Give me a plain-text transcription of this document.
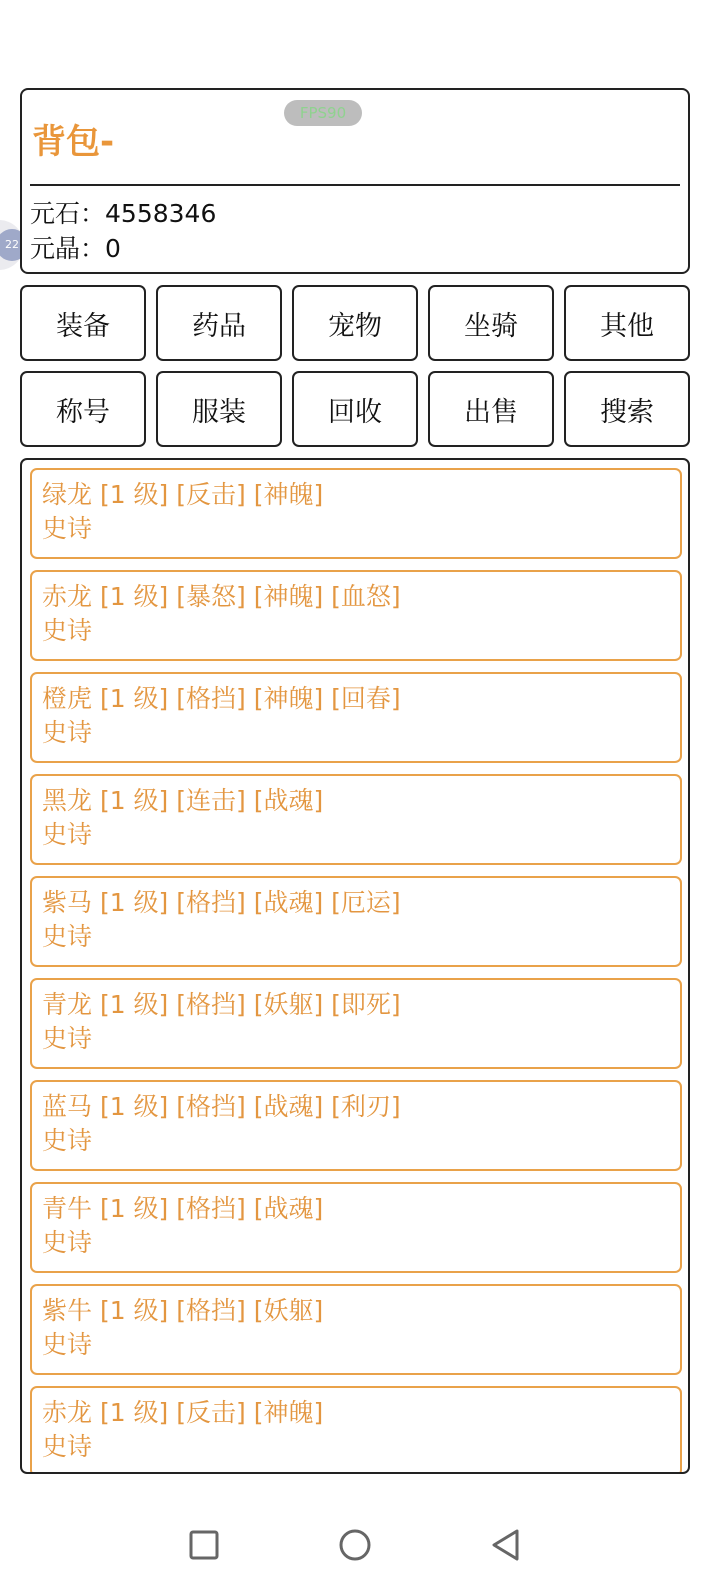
22
FPS90
背包-
元石：4558346
元晶：0
装备	药品	宠物	坐骑	其他
称号	服装	回收	出售	搜索
绿龙 [1 级] [反击] [神魄]
史诗
赤龙 [1 级] [暴怒] [神魄] [血怒]
史诗
橙虎 [1 级] [格挡] [神魄] [回春]
史诗
黑龙 [1 级] [连击] [战魂]
史诗
紫马 [1 级] [格挡] [战魂] [厄运]
史诗
青龙 [1 级] [格挡] [妖躯] [即死]
史诗
蓝马 [1 级] [格挡] [战魂] [利刃]
史诗
青牛 [1 级] [格挡] [战魂]
史诗
紫牛 [1 级] [格挡] [妖躯]
史诗
赤龙 [1 级] [反击] [神魄]
史诗
